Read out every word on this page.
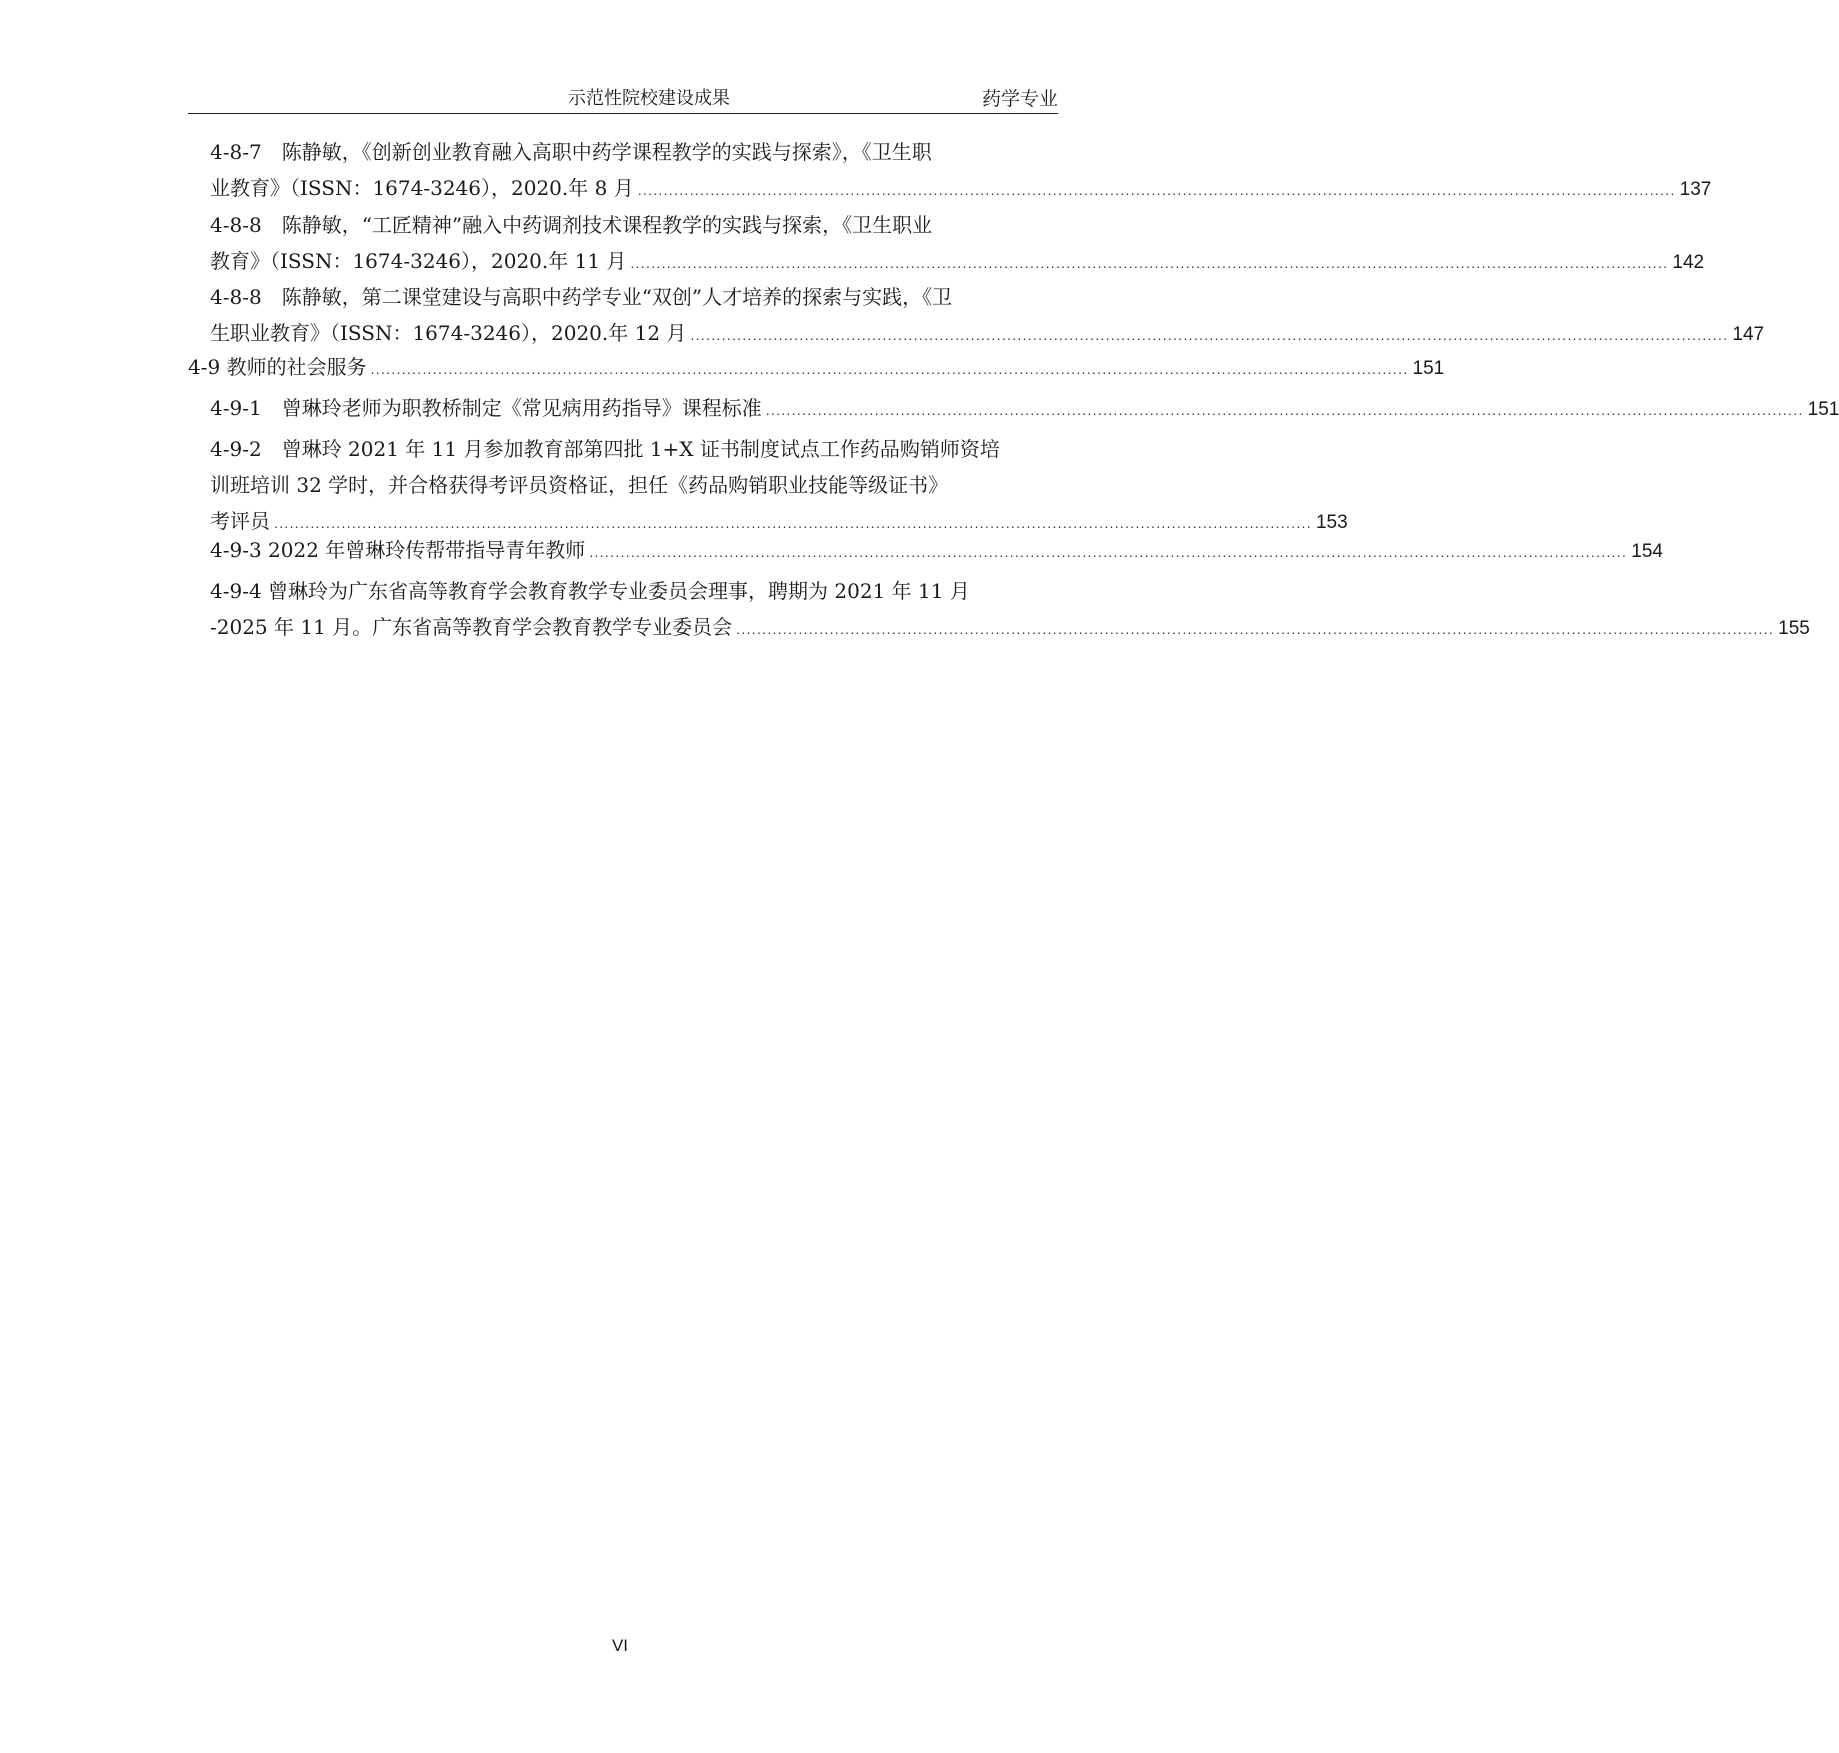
示范性院校建设成果	药学专业
4-8-7　陈静敏，《创新创业教育融入高职中药学课程教学的实践与探索》，《卫生职
业教育》（ISSN：1674-3246），2020.年 8 月 ........................................................................................................................................................................................................ 137
4-8-8　陈静敏，“工匠精神”融入中药调剂技术课程教学的实践与探索，《卫生职业
教育》（ISSN：1674-3246），2020.年 11 月 ........................................................................................................................................................................................................ 142
4-8-8　陈静敏，第二课堂建设与高职中药学专业“双创”人才培养的探索与实践，《卫
生职业教育》（ISSN：1674-3246），2020.年 12 月 ........................................................................................................................................................................................................ 147
4-9 教师的社会服务 ........................................................................................................................................................................................................ 151
4-9-1　曾琳玲老师为职教桥制定《常见病用药指导》课程标准 ........................................................................................................................................................................................................ 151
4-9-2　曾琳玲 2021 年 11 月参加教育部第四批 1+X 证书制度试点工作药品购销师资培
训班培训 32 学时，并合格获得考评员资格证，担任《药品购销职业技能等级证书》
考评员 ........................................................................................................................................................................................................ 153
4-9-3 2022 年曾琳玲传帮带指导青年教师 ........................................................................................................................................................................................................ 154
4-9-4 曾琳玲为广东省高等教育学会教育教学专业委员会理事，聘期为 2021 年 11 月
-2025 年 11 月。广东省高等教育学会教育教学专业委员会 ........................................................................................................................................................................................................ 155
VI
